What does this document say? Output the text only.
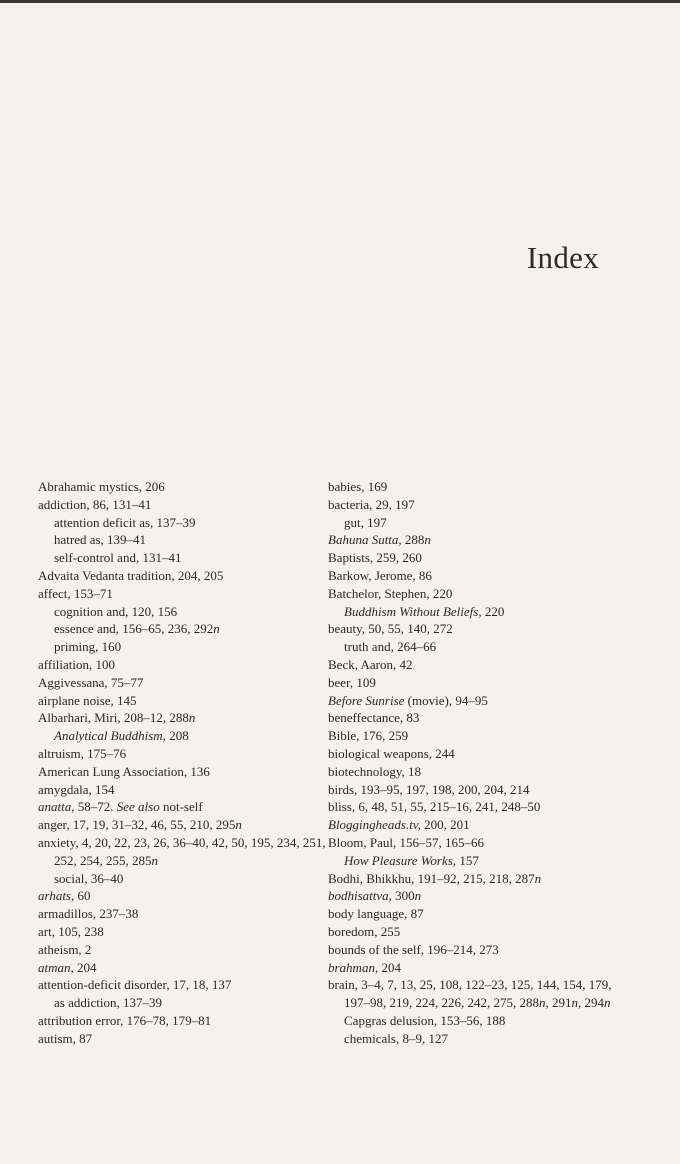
Index

Abrahamic mystics, 206

addiction, 86, 131–41

attention deficit as, 137–39

hatred as, 139–41

self-control and, 131–41

Advaita Vedanta tradition, 204, 205

affect, 153–71

cognition and, 120, 156

essence and, 156–65, 236, 292n

priming, 160

affiliation, 100

Aggivessana, 75–77

airplane noise, 145

Albarhari, Miri, 208–12, 288n

Analytical Buddhism, 208

altruism, 175–76

American Lung Association, 136

amygdala, 154

anatta, 58–72. See also not-self

anger, 17, 19, 31–32, 46, 55, 210, 295n

anxiety, 4, 20, 22, 23, 26, 36–40, 42, 50, 195, 234, 251, 252, 254, 255, 285n

social, 36–40

arhats, 60

armadillos, 237–38

art, 105, 238

atheism, 2

atman, 204

attention-deficit disorder, 17, 18, 137

as addiction, 137–39

attribution error, 176–78, 179–81

autism, 87

babies, 169

bacteria, 29, 197

gut, 197

Bahuna Sutta, 288n

Baptists, 259, 260

Barkow, Jerome, 86

Batchelor, Stephen, 220

Buddhism Without Beliefs, 220

beauty, 50, 55, 140, 272

truth and, 264–66

Beck, Aaron, 42

beer, 109

Before Sunrise (movie), 94–95

beneffectance, 83

Bible, 176, 259

biological weapons, 244

biotechnology, 18

birds, 193–95, 197, 198, 200, 204, 214

bliss, 6, 48, 51, 55, 215–16, 241, 248–50

Bloggingheads.tv, 200, 201

Bloom, Paul, 156–57, 165–66

How Pleasure Works, 157

Bodhi, Bhikkhu, 191–92, 215, 218, 287n

bodhisattva, 300n

body language, 87

boredom, 255

bounds of the self, 196–214, 273

brahman, 204

brain, 3–4, 7, 13, 25, 108, 122–23, 125, 144, 154, 179, 197–98, 219, 224, 226, 242, 275, 288n, 291n, 294n

Capgras delusion, 153–56, 188

chemicals, 8–9, 127
